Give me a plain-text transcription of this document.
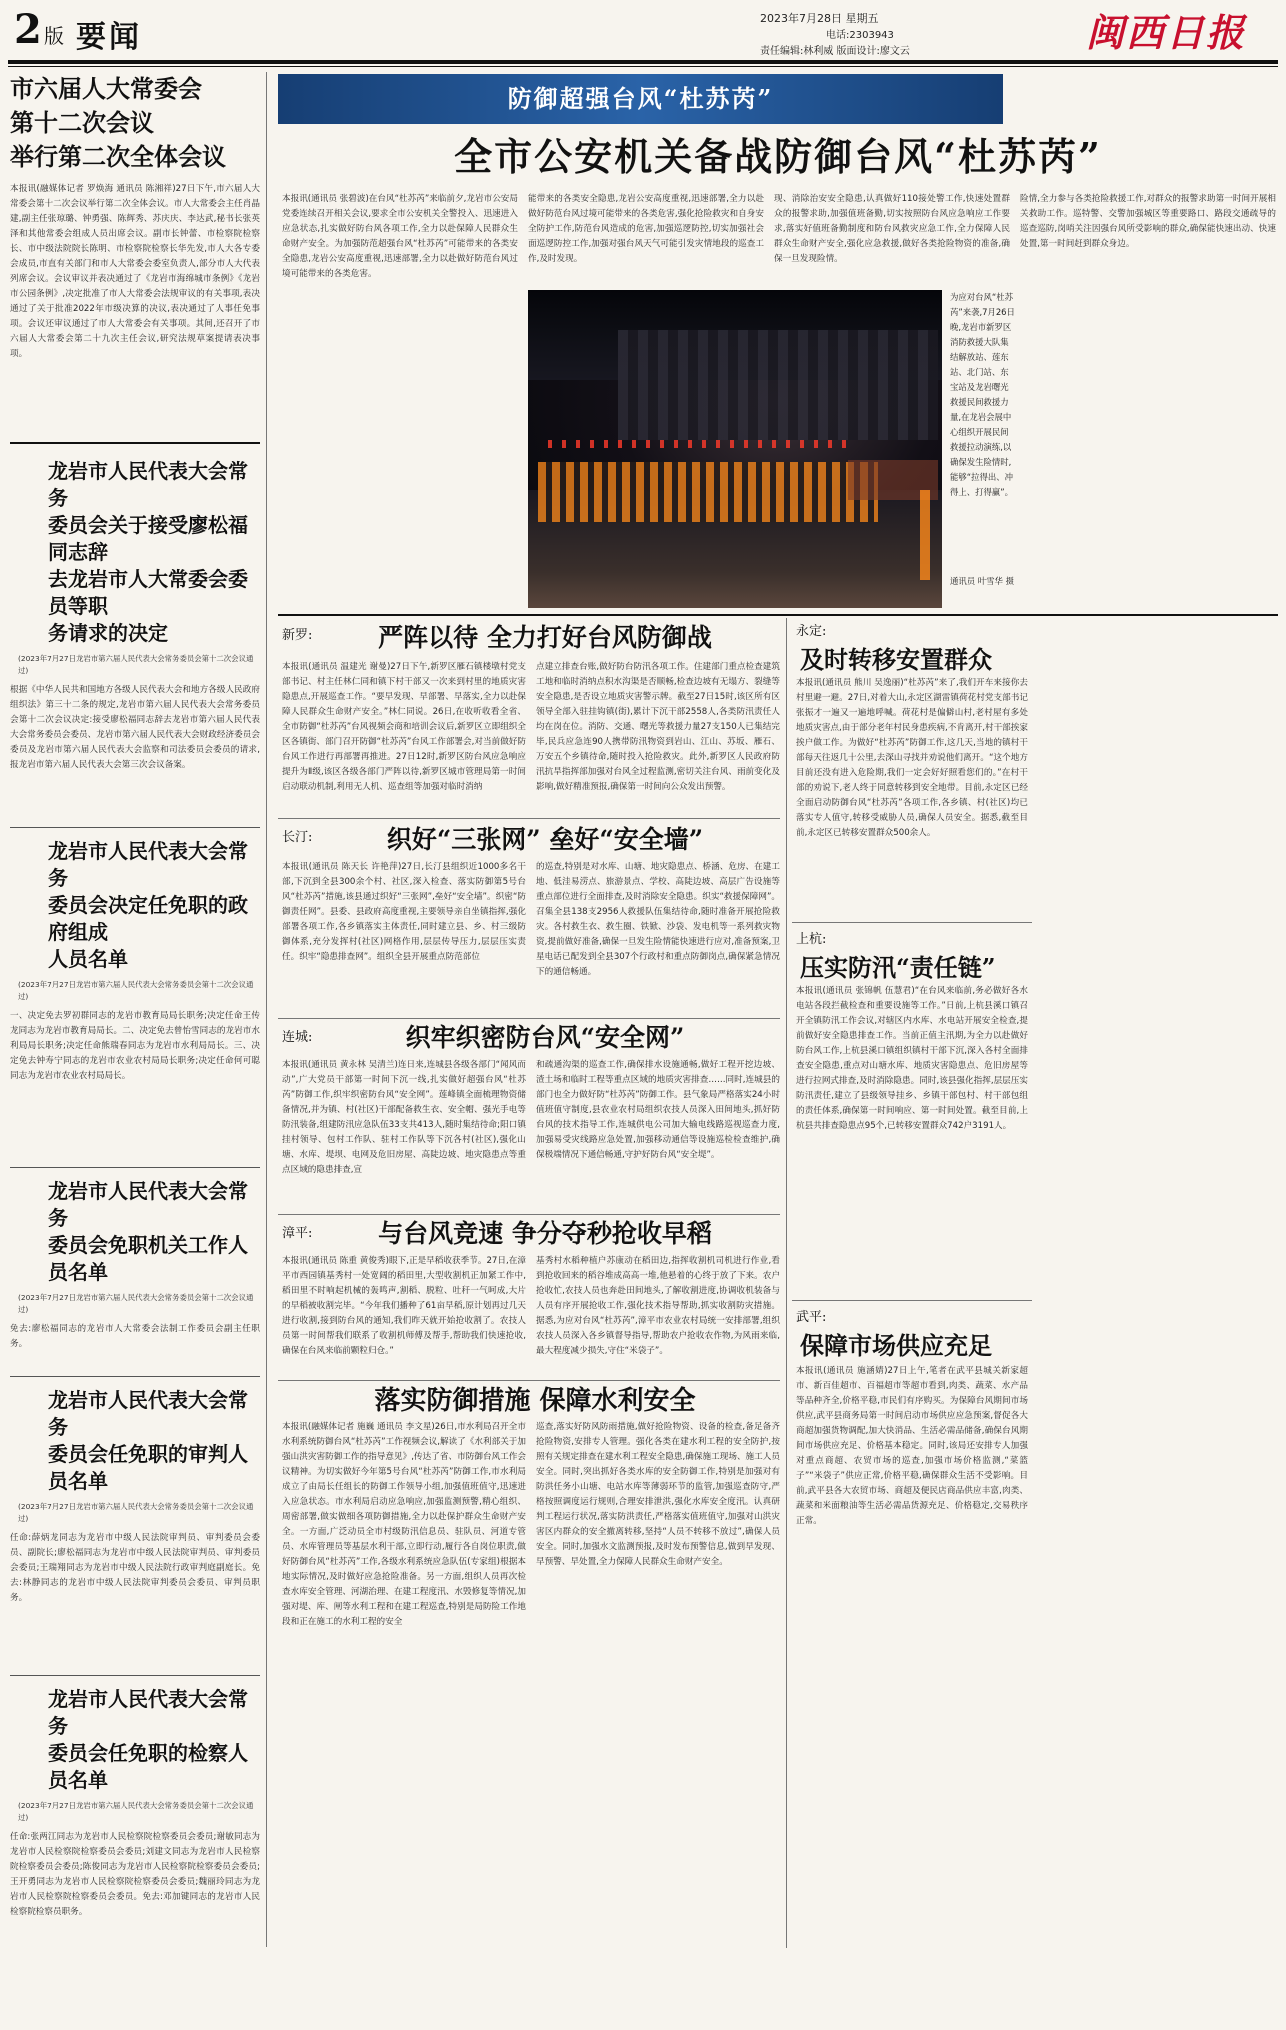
2 版 要闻
2023年7月28日 星期五
电话:2303943
责任编辑:林利威 版面设计:廖文云	闽西日报
市六届人大常委会
第十二次会议
举行第二次全体会议
本报讯(融媒体记者 罗焕海 通讯员 陈湘祥)27日下午,市六届人大常委会第十二次会议举行第二次全体会议。市人大常委会主任肖晶建,副主任张琼璐、钟勇强、陈辉秀、苏庆庆、李达武,秘书长张英泽和其他常委会组成人员出席会议。副市长钟蕾、市检察院检察长、市中级法院院长陈明、市检察院检察长华先发,市人大各专委会成员,市直有关部门和市人大常委会委室负责人,部分市人大代表列席会议。会议审议并表决通过了《龙岩市海绵城市条例》《龙岩市公园条例》,决定批准了市人大常委会法规审议的有关事项,表决通过了关于批准2022年市级决算的决议,表决通过了人事任免事项。会议还审议通过了市人大常委会有关事项。其间,还召开了市六届人大常委会第二十九次主任会议,研究法规草案提请表决事项。
龙岩市人民代表大会常务
委员会关于接受廖松福同志辞
去龙岩市人大常委会委员等职
务请求的决定
(2023年7月27日龙岩市第六届人民代表大会常务委员会第十二次会议通过)
根据《中华人民共和国地方各级人民代表大会和地方各级人民政府组织法》第三十二条的规定,龙岩市第六届人民代表大会常务委员会第十二次会议决定:接受廖松福同志辞去龙岩市第六届人民代表大会常务委员会委员、龙岩市第六届人民代表大会财政经济委员会委员及龙岩市第六届人民代表大会监察和司法委员会委员的请求,报龙岩市第六届人民代表大会第三次会议备案。
龙岩市人民代表大会常务
委员会决定任免职的政府组成
人员名单
(2023年7月27日龙岩市第六届人民代表大会常务委员会第十二次会议通过)
一、决定免去罗初群同志的龙岩市教育局局长职务;决定任命王传龙同志为龙岩市教育局局长。二、决定免去曾怡雪同志的龙岩市水利局局长职务;决定任命熊瑞春同志为龙岩市水利局局长。三、决定免去钟寿宁同志的龙岩市农业农村局局长职务;决定任命何可聪同志为龙岩市农业农村局局长。
龙岩市人民代表大会常务
委员会免职机关工作人员名单
(2023年7月27日龙岩市第六届人民代表大会常务委员会第十二次会议通过)
免去:廖松福同志的龙岩市人大常委会法制工作委员会副主任职务。
龙岩市人民代表大会常务
委员会任免职的审判人员名单
(2023年7月27日龙岩市第六届人民代表大会常务委员会第十二次会议通过)
任命:薛炳龙同志为龙岩市中级人民法院审判员、审判委员会委员、副院长;廖松福同志为龙岩市中级人民法院审判员、审判委员会委员;王瑞翔同志为龙岩市中级人民法院行政审判庭副庭长。免去:林静同志的龙岩市中级人民法院审判委员会委员、审判员职务。
龙岩市人民代表大会常务
委员会任免职的检察人员名单
(2023年7月27日龙岩市第六届人民代表大会常务委员会第十二次会议通过)
任命:张两江同志为龙岩市人民检察院检察委员会委员;谢敏同志为龙岩市人民检察院检察委员会委员;刘建文同志为龙岩市人民检察院检察委员会委员;陈俊同志为龙岩市人民检察院检察委员会委员;王开勇同志为龙岩市人民检察院检察委员会委员;魏丽玲同志为龙岩市人民检察院检察委员会委员。免去:邓加键同志的龙岩市人民检察院检察员职务。
防御超强台风“杜苏芮”
全市公安机关备战防御台风“杜苏芮”
本报讯(通讯员 张碧波)在台风“杜苏芮”来临前夕,龙岩市公安局党委连续召开相关会议,要求全市公安机关全警投入、迅速进入应急状态,扎实做好防台风各项工作,全力以赴保障人民群众生命财产安全。为加强防范超强台风“杜苏芮”可能带来的各类安全隐患,龙岩公安高度重视,迅速部署,全力以赴做好防范台风过境可能带来的各类危害。
能带来的各类安全隐患,龙岩公安高度重视,迅速部署,全力以赴做好防范台风过境可能带来的各类危害,强化抢险救灾和自身安全防护工作,防范台风造成的危害,加强巡逻防控,切实加强社会面巡逻防控工作,加强对强台风天气可能引发灾情地段的巡查工作,及时发现。
现、消除治安安全隐患,认真做好110接处警工作,快速处置群众的报警求助,加强值班备勤,切实按照防台风应急响应工作要求,落实好值班备勤制度和防台风救灾应急工作,全力保障人民群众生命财产安全,强化应急救援,做好各类抢险物资的准备,确保一旦发现险情。
险情,全力参与各类抢险救援工作,对群众的报警求助第一时间开展相关救助工作。巡特警、交警加强城区等重要路口、路段交通疏导的巡查巡防,岗哨关注因强台风所受影响的群众,确保能快速出动、快速处置,第一时间赶到群众身边。
为应对台风“杜苏芮”来袭,7月26日晚,龙岩市新罗区消防救援大队集结解放站、莲东站、北门站、东宝站及龙岩曙光救援民间救援力量,在龙岩会展中心组织开展民间救援拉动演练,以确保发生险情时,能够“拉得出、冲得上、打得赢”。
通讯员 叶雪华 摄
新罗:	严阵以待 全力打好台风防御战
本报讯(通讯员 温建光 谢曼)27日下午,新罗区雁石镇楼墩村党支部书记、村主任林仁同和镇下村干部又一次来到村里的地质灾害隐患点,开展巡查工作。“要早发现、早部署、早落实,全力以赴保障人民群众生命财产安全。”林仁同说。26日,在收听收看全省、全市防御“杜苏芮”台风视频会商和培训会议后,新罗区立即组织全区各镇街、部门召开防御“杜苏芮”台风工作部署会,对当前做好防台风工作进行再部署再推进。27日12时,新罗区防台风应急响应提升为Ⅱ级,该区各级各部门严阵以待,新罗区城市管理局第一时间启动联动机制,利用无人机、巡查组等加强对临时消纳
点建立排查台账,做好防台防汛各项工作。住建部门重点检查建筑工地和临时消纳点积水沟渠是否顺畅,检查边坡有无塌方、裂缝等安全隐患,是否设立地质灾害警示牌。截至27日15时,该区所有区领导全部入驻挂钩镇(街),累计下沉干部2558人,各类防汛责任人均在岗在位。消防、交通、曙光等救援力量27支150人已集结完毕,民兵应急连90人携带防汛物资到岩山、江山、苏坂、雁石、万安五个乡镇待命,随时投入抢险救灾。此外,新罗区人民政府防汛抗旱指挥部加强对台风全过程监测,密切关注台风、雨前变化及影响,做好精准预报,确保第一时间向公众发出预警。
长汀:	织好“三张网” 垒好“安全墙”
本报讯(通讯员 陈天长 许艳萍)27日,长汀县组织近1000多名干部,下沉到全县300余个村、社区,深入检查、落实防御第5号台风“杜苏芮”措施,该县通过织好“三张网”,垒好“安全墙”。织密“防御责任网”。县委、县政府高度重视,主要领导亲自坐镇指挥,强化部署各项工作,各乡镇落实主体责任,同时建立县、乡、村三级防御体系,充分发挥村(社区)网格作用,层层传导压力,层层压实责任。织牢“隐患排查网”。组织全县开展重点防范部位
的巡查,特别是对水库、山塘、地灾隐患点、桥涵、危房、在建工地、低洼易涝点、旅游景点、学校、高陡边坡、高层广告设施等重点部位进行全面排查,及时消除安全隐患。织实“救援保障网”。召集全县138支2956人救援队伍集结待命,随时准备开展抢险救灾。各村救生衣、救生圈、铁锨、沙袋、发电机等一系列救灾物资,提前做好准备,确保一旦发生险情能快速进行应对,准备预案,卫星电话已配发到全县307个行政村和重点防御岗点,确保紧急情况下的通信畅通。
连城:	织牢织密防台风“安全网”
本报讯(通讯员 黄永林 吴清兰)连日来,连城县各级各部门“闻风而动”,广大党员干部第一时间下沉一线,扎实做好超强台风“杜苏芮”防御工作,织牢织密防台风“安全网”。莲峰镇全面梳理物资储备情况,并为镇、村(社区)干部配备救生衣、安全帽、强光手电等防汛装备,组建防汛应急队伍33支共413人,随时集结待命;阳口镇挂村领导、包村工作队、驻村工作队等下沉各村(社区),强化山塘、水库、堤坝、电网及危旧房屋、高陡边坡、地灾隐患点等重点区域的隐患排查,宣
和疏通沟渠的巡查工作,确保排水设施通畅,做好工程开挖边坡、渣土场和临时工程等重点区域的地质灾害排查……同时,连城县的部门也全力做好防“杜苏芮”防御工作。县气象局严格落实24小时值班值守制度,县农业农村局组织农技人员深入田间地头,抓好防台风的技术指导工作,连城供电公司加大输电线路巡视巡查力度,加强易受灾线路应急处置,加强移动通信等设施巡检检查维护,确保极端情况下通信畅通,守护好防台风“安全堤”。
漳平:	与台风竞速 争分夺秒抢收早稻
本报讯(通讯员 陈重 黄俊秀)眼下,正是早稻收获季节。27日,在漳平市西园镇基秀村一处宽阔的稻田里,大型收割机正加紧工作中,稻田里不时响起机械的轰鸣声,割稻、脱粒、吐秆一气呵成,大片的早稻被收割完毕。“今年我们播种了61亩早稻,原计划再过几天进行收割,接到防台风的通知,我们昨天就开始抢收割了。农技人员第一时间帮我们联系了收割机师傅及帮手,帮助我们快速抢收,确保在台风来临前颗粒归仓。”
基秀村水稻种植户苏康动在稻田边,指挥收割机司机进行作业,看到抢收回来的稻谷堆成高高一堆,他悬着的心终于放了下来。农户抢收忙,农技人员也奔赴田间地头,了解收割进度,协调收机装备与人员有序开展抢收工作,强化技术指导帮助,抓实收割防灾措施。据悉,为应对台风“杜苏芮”,漳平市农业农村局统一安排部署,组织农技人员深入各乡镇督导指导,帮助农户抢收农作物,为风雨来临,最大程度减少损失,守住“米袋子”。
落实防御措施 保障水利安全
本报讯(融媒体记者 施巍 通讯员 李文星)26日,市水利局召开全市水利系统防御台风“杜苏芮”工作视频会议,解读了《水利部关于加强山洪灾害防御工作的指导意见》,传达了省、市防御台风工作会议精神。为切实做好今年第5号台风“杜苏芮”防御工作,市水利局成立了由局长任组长的防御工作领导小组,加强值班值守,迅速进入应急状态。市水利局启动应急响应,加强监测预警,精心组织、周密部署,做实做细各项防御措施,全力以赴保护群众生命财产安全。一方面,广泛动员全市村级防汛信息员、驻队员、河道专管员、水库管理员等基层水利干部,立即行动,履行各自岗位职责,做好防御台风“杜苏芮”工作,各级水利系统应急队伍(专家组)根据本地实际情况,及时做好应急抢险准备。另一方面,组织人员再次检查水库安全管理、河湖治理、在建工程度汛、水毁修复等情况,加强对堤、库、闸等水利工程和在建工程巡查,特别是局防险工作地段和正在施工的水利工程的安全
巡查,落实好防风防雨措施,做好抢险物资、设备的检查,备足备齐抢险物资,安排专人管理。强化各类在建水利工程的安全防护,按照有关规定排查在建水利工程安全隐患,确保施工现场、施工人员安全。同时,突出抓好各类水库的安全防御工作,特别是加强对有防洪任务小山塘、电站水库等薄弱环节的监管,加强巡查防守,严格按照调度运行规则,合理安排泄洪,强化水库安全度汛。认真研判工程运行状况,落实防洪责任,严格落实值班值守,加强对山洪灾害区内群众的安全撤离转移,坚持“人员不转移不放过”,确保人员安全。同时,加强水文监测预报,及时发布预警信息,做到早发现、早预警、早处置,全力保障人民群众生命财产安全。
永定:
及时转移安置群众
本报讯(通讯员 熊川 吴逸丽)“杜苏芮”来了,我们开车来接你去村里避一避。27日,对着大山,永定区湖雷镇荷花村党支部书记张振才一遍又一遍地呼喊。荷花村是偏僻山村,老村屋有多处地质灾害点,由于部分老年村民身患疾病,不肯离开,村干部挨家挨户做工作。为做好“杜苏芮”防御工作,这几天,当地的镇村干部每天往返几十公里,去深山寻找并劝说他们离开。“这个地方目前还没有进入危险期,我们一定会好好照看您们的。”在村干部的劝说下,老人终于同意转移到安全地带。目前,永定区已经全面启动防御台风“杜苏芮”各项工作,各乡镇、村(社区)均已落实专人值守,转移受威胁人员,确保人员安全。据悉,截至目前,永定区已转移安置群众500余人。
上杭:
压实防汛“责任链”
本报讯(通讯员 张锦帆 伍慧君)“在台风来临前,务必做好各水电站各段拦截检查和重要设施等工作。”日前,上杭县溪口镇召开全镇防汛工作会议,对辖区内水库、水电站开展安全检查,提前做好安全隐患排查工作。当前正值主汛期,为全力以赴做好防台风工作,上杭县溪口镇组织镇村干部下沉,深入各村全面排查安全隐患,重点对山塘水库、地质灾害隐患点、危旧房屋等进行拉网式排查,及时消除隐患。同时,该县强化指挥,层层压实防汛责任,建立了县级领导挂乡、乡镇干部包村、村干部包组的责任体系,确保第一时间响应、第一时间处置。截至目前,上杭县共排查隐患点95个,已转移安置群众742户3191人。
武平:
保障市场供应充足
本报讯(通讯员 施涵婧)27日上午,笔者在武平县城关新家超市、新百佳超市、百福超市等超市看到,肉类、蔬菜、水产品等品种齐全,价格平稳,市民们有序购买。为保障台风期间市场供应,武平县商务局第一时间启动市场供应应急预案,督促各大商超加强货物调配,加大快消品、生活必需品储备,确保台风期间市场供应充足、价格基本稳定。同时,该局还安排专人加强对重点商超、农贸市场的巡查,加强市场价格监测,“菜篮子”“米袋子”供应正常,价格平稳,确保群众生活不受影响。目前,武平县各大农贸市场、商超及便民店商品供应丰富,肉类、蔬菜和米面粮油等生活必需品货源充足、价格稳定,交易秩序正常。
